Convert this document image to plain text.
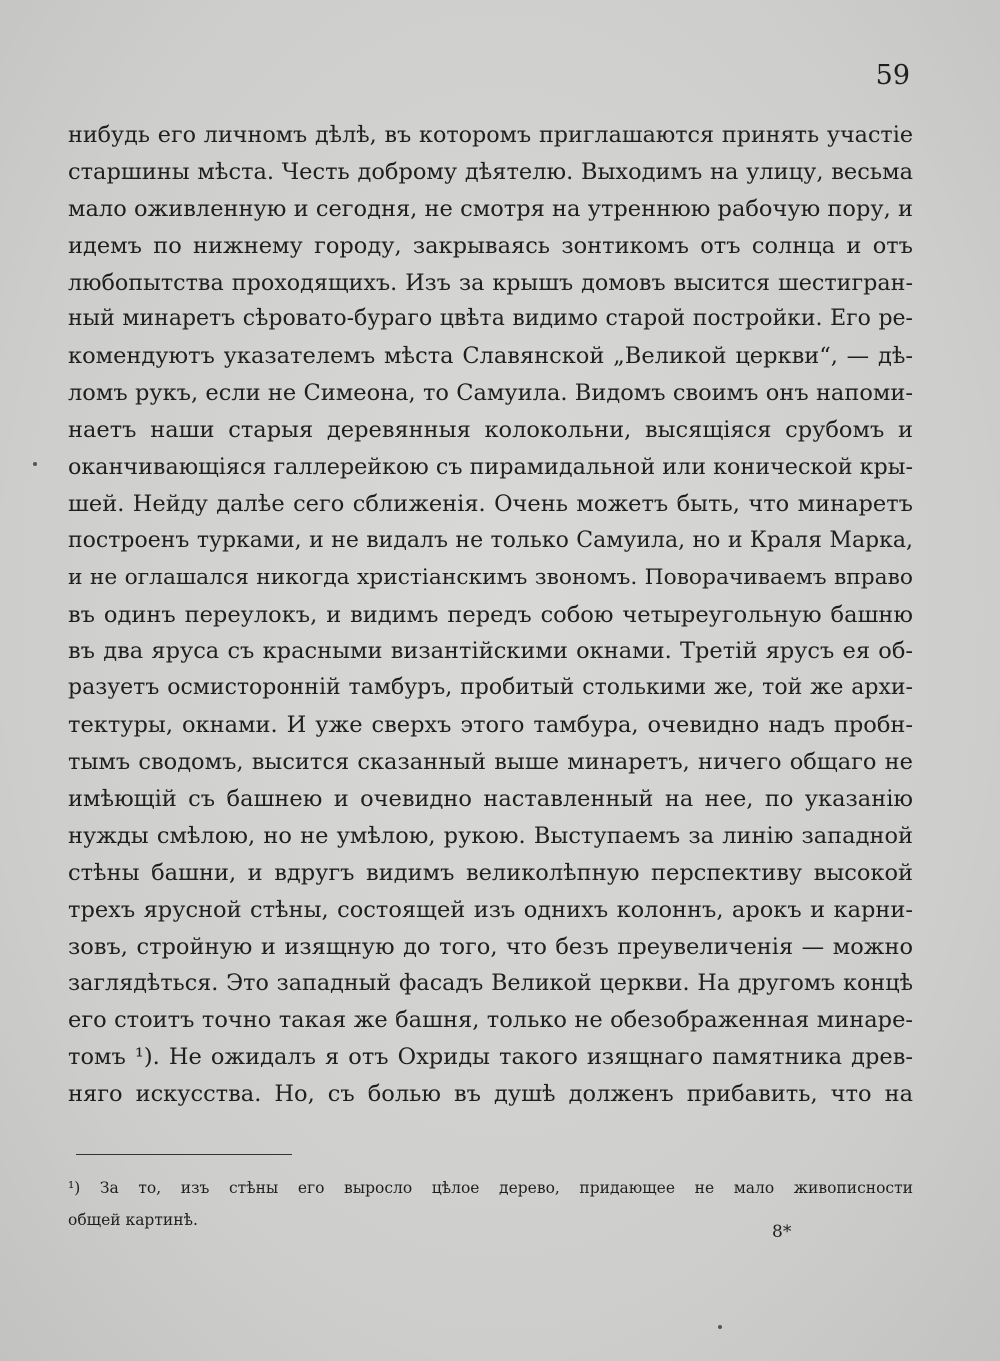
59
нибудь его личномъ дѣлѣ, въ которомъ приглашаются принять участіе
старшины мѣста. Честь доброму дѣятелю. Выходимъ на улицу, весьма
мало оживленную и сегодня, не смотря на утреннюю рабочую пору, и
идемъ по нижнему городу, закрываясь зонтикомъ отъ солнца и отъ
любопытства проходящихъ. Изъ за крышъ домовъ высится шестигран-
ный минаретъ сѣровато-бураго цвѣта видимо старой постройки. Его ре-
комендуютъ указателемъ мѣста Славянской „Великой церкви“, — дѣ-
ломъ рукъ, если не Симеона, то Самуила. Видомъ своимъ онъ напоми-
наетъ наши старыя деревянныя колокольни, высящіяся срубомъ и
оканчивающіяся галлерейкою съ пирамидальной или конической кры-
шей. Нейду далѣе сего сближенія. Очень можетъ быть, что минаретъ
построенъ турками, и не видалъ не только Самуила, но и Краля Марка,
и не оглашался никогда христіанскимъ звономъ. Поворачиваемъ вправо
въ одинъ переулокъ, и видимъ передъ собою четыреугольную башню
въ два яруса съ красными византійскими окнами. Третій ярусъ ея об-
разуетъ осмисторонній тамбуръ, пробитый столькими же, той же архи-
тектуры, окнами. И уже сверхъ этого тамбура, очевидно надъ пробн-
тымъ сводомъ, высится сказанный выше минаретъ, ничего общаго не
имѣющій съ башнею и очевидно наставленный на нее, по указанію
нужды смѣлою, но не умѣлою, рукою. Выступаемъ за линію западной
стѣны башни, и вдругъ видимъ великолѣпную перспективу высокой
трехъ ярусной стѣны, состоящей изъ однихъ колоннъ, арокъ и карни-
зовъ, стройную и изящную до того, что безъ преувеличенія — можно
заглядѣться. Это западный фасадъ Великой церкви. На другомъ концѣ
его стоитъ точно такая же башня, только не обезображенная минаре-
томъ ¹). Не ожидалъ я отъ Охриды такого изящнаго памятника древ-
няго искусства. Но, съ болью въ душѣ долженъ прибавить, что на
¹) За то, изъ стѣны его выросло цѣлое дерево, придающее не мало живописности
общей картинѣ.
8*
